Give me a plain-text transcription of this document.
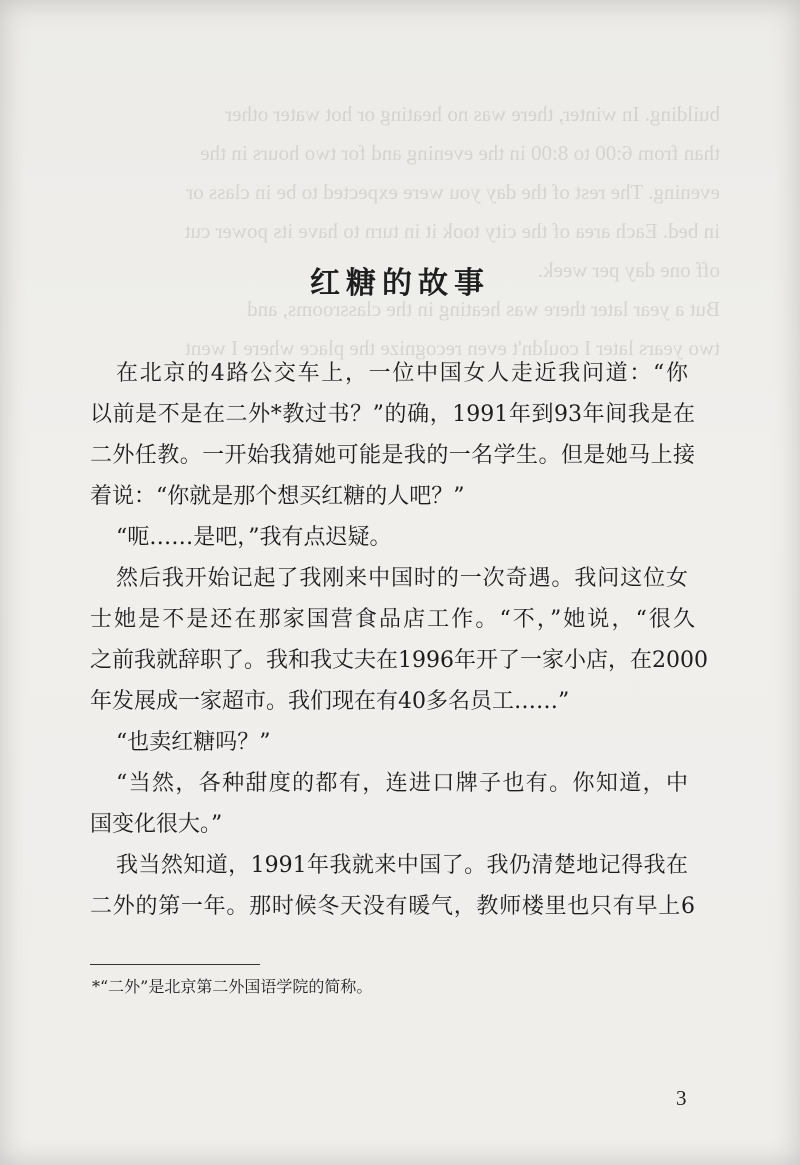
building. In winter, there was no heating or hot water other
than from 6:00 to 8:00 in the evening and for two hours in the
evening. The rest of the day you were expected to be in class or
in bed. Each area of the city took it in turn to have its power cut
off one day per week.
But a year later there was heating in the classrooms, and
two years later I couldn't even recognize the place where I went
红糖的故事
在北京的4路公交车上，一位中国女人走近我问道：“你
以前是不是在二外*教过书？”的确，1991年到93年间我是在
二外任教。一开始我猜她可能是我的一名学生。但是她马上接
着说：“你就是那个想买红糖的人吧？”
“呃……是吧，”我有点迟疑。
然后我开始记起了我刚来中国时的一次奇遇。我问这位女
士她是不是还在那家国营食品店工作。“不，”她说，“很久
之前我就辞职了。我和我丈夫在1996年开了一家小店，在2000
年发展成一家超市。我们现在有40多名员工……”
“也卖红糖吗？”
“当然，各种甜度的都有，连进口牌子也有。你知道，中
国变化很大。”
我当然知道，1991年我就来中国了。我仍清楚地记得我在
二外的第一年。那时候冬天没有暖气，教师楼里也只有早上6
*“二外”是北京第二外国语学院的简称。
3
